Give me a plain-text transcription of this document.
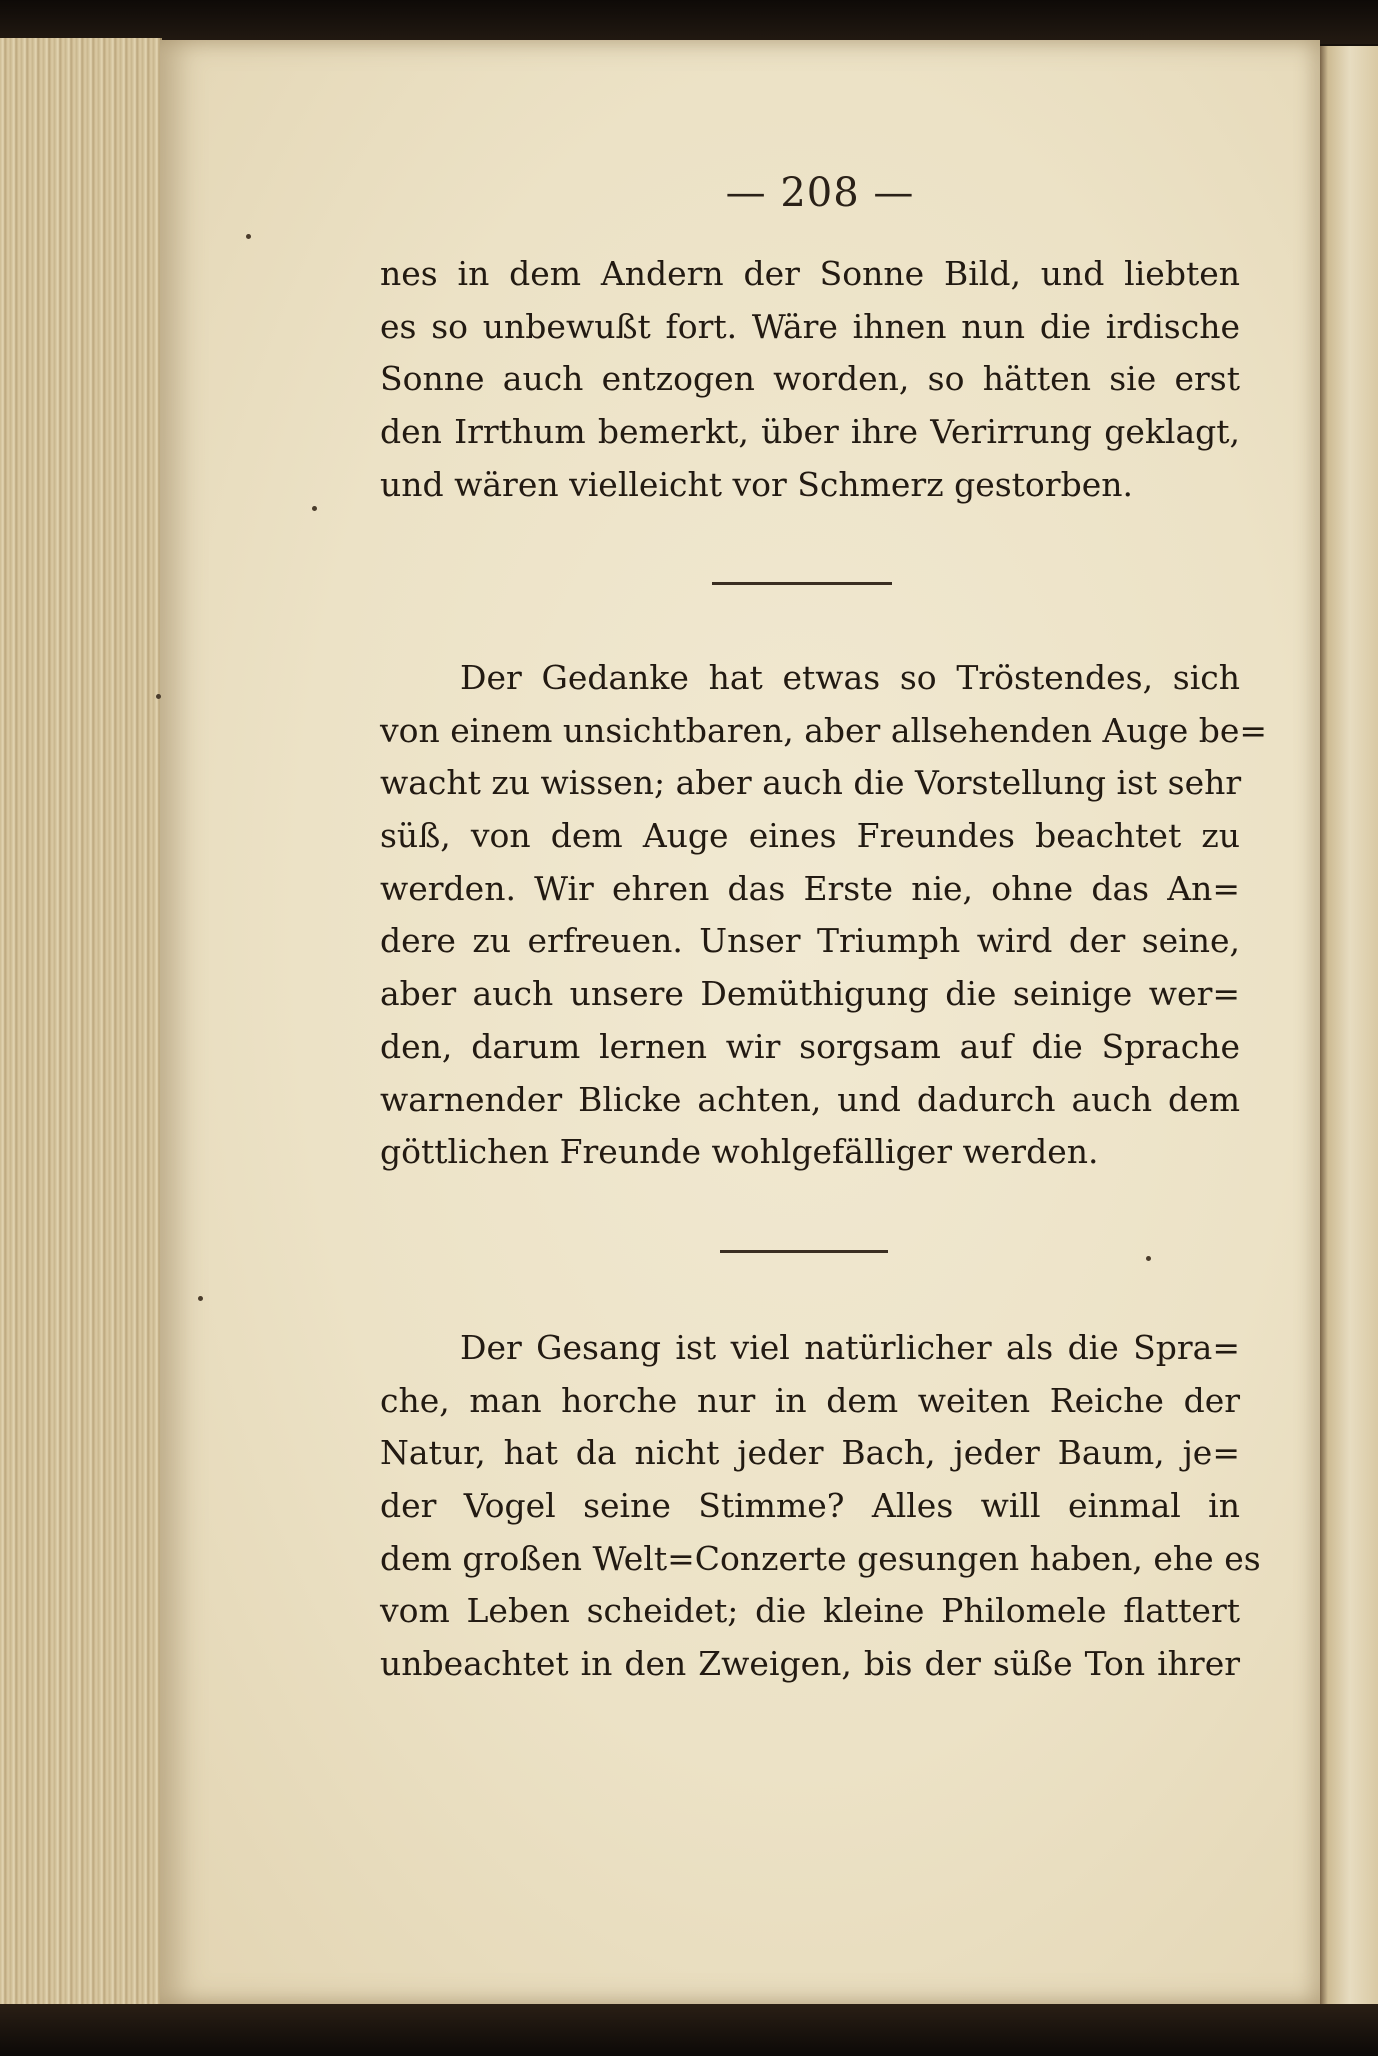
— 208 —
nes in dem Andern der Sonne Bild, und liebten
es so unbewußt fort. Wäre ihnen nun die irdische
Sonne auch entzogen worden, so hätten sie erst
den Irrthum bemerkt, über ihre Verirrung geklagt,
und wären vielleicht vor Schmerz gestorben.
Der Gedanke hat etwas so Tröstendes, sich
von einem unsichtbaren, aber allsehenden Auge be=
wacht zu wissen; aber auch die Vorstellung ist sehr
süß, von dem Auge eines Freundes beachtet zu
werden. Wir ehren das Erste nie, ohne das An=
dere zu erfreuen. Unser Triumph wird der seine,
aber auch unsere Demüthigung die seinige wer=
den, darum lernen wir sorgsam auf die Sprache
warnender Blicke achten, und dadurch auch dem
göttlichen Freunde wohlgefälliger werden.
Der Gesang ist viel natürlicher als die Spra=
che, man horche nur in dem weiten Reiche der
Natur, hat da nicht jeder Bach, jeder Baum, je=
der Vogel seine Stimme? Alles will einmal in
dem großen Welt=Conzerte gesungen haben, ehe es
vom Leben scheidet; die kleine Philomele flattert
unbeachtet in den Zweigen, bis der süße Ton ihrer
